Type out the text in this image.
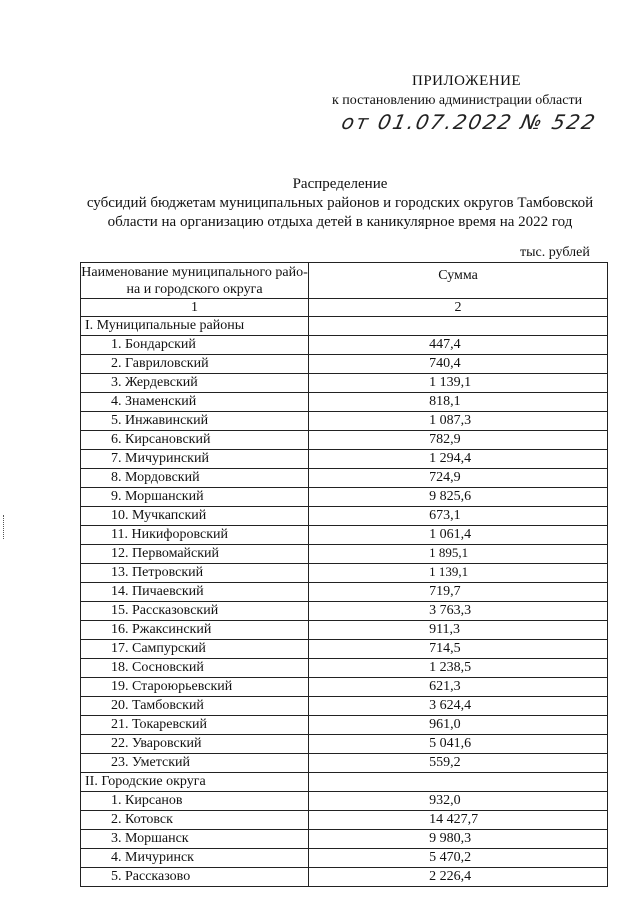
ПРИЛОЖЕНИЕ
к постановлению администрации области
от 01.07.2022 № 522
Распределение
субсидий бюджетам муниципальных районов и городских округов Тамбовской
области на организацию отдыха детей в каникулярное время на 2022 год
тыс. рублей
Наименование муниципального райо-
на и городского округа	Сумма
1	2
I. Муниципальные районы	
1. Бондарский	447,4
2. Гавриловский	740,4
3. Жердевский	1 139,1
4. Знаменский	818,1
5. Инжавинский	1 087,3
6. Кирсановский	782,9
7. Мичуринский	1 294,4
8. Мордовский	724,9
9. Моршанский	9 825,6
10. Мучкапский	673,1
11. Никифоровский	1 061,4
12. Первомайский	1 895,1
13. Петровский	1 139,1
14. Пичаевский	719,7
15. Рассказовский	3 763,3
16. Ржаксинский	911,3
17. Сампурский	714,5
18. Сосновский	1 238,5
19. Староюрьевский	621,3
20. Тамбовский	3 624,4
21. Токаревский	961,0
22. Уваровский	5 041,6
23. Уметский	559,2
II. Городские округа	
1. Кирсанов	932,0
2. Котовск	14 427,7
3. Моршанск	9 980,3
4. Мичуринск	5 470,2
5. Рассказово	2 226,4
